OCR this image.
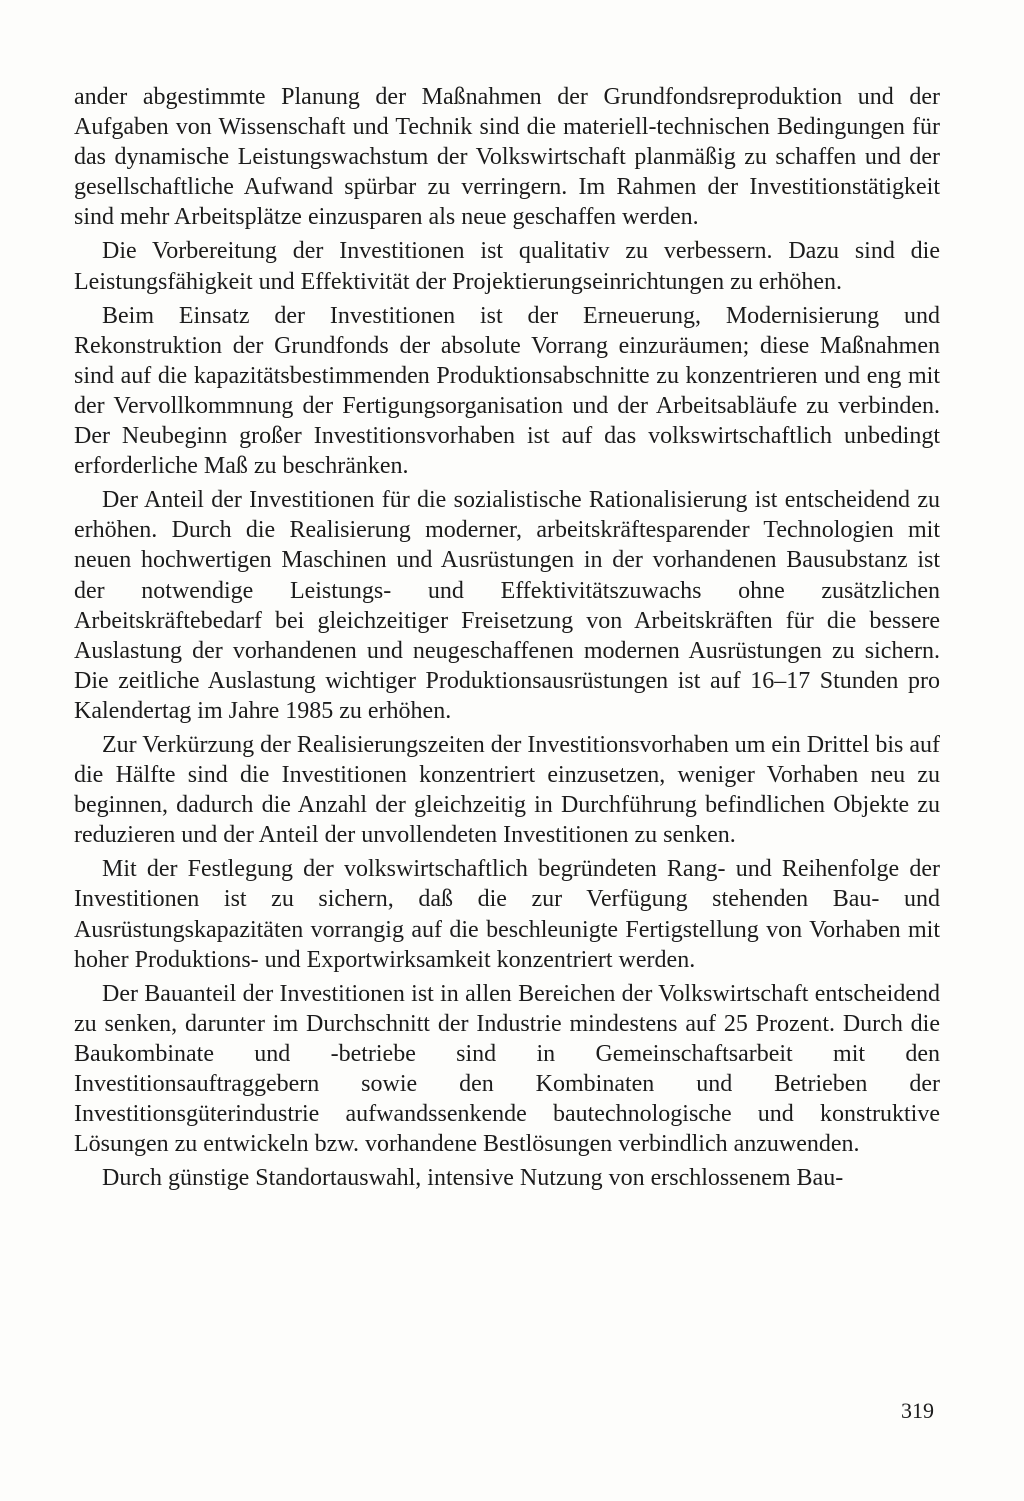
ander abgestimmte Planung der Maßnahmen der Grundfondsreproduktion und der Aufgaben von Wissenschaft und Technik sind die materiell-technischen Bedingungen für das dynamische Leistungswachstum der Volkswirtschaft planmäßig zu schaffen und der gesellschaftliche Aufwand spürbar zu verringern. Im Rahmen der Investitionstätigkeit sind mehr Arbeitsplätze einzusparen als neue geschaffen werden.

Die Vorbereitung der Investitionen ist qualitativ zu verbessern. Dazu sind die Leistungsfähigkeit und Effektivität der Projektierungseinrichtungen zu erhöhen.

Beim Einsatz der Investitionen ist der Erneuerung, Modernisierung und Rekonstruktion der Grundfonds der absolute Vorrang einzuräumen; diese Maßnahmen sind auf die kapazitätsbestimmenden Produktionsabschnitte zu konzentrieren und eng mit der Vervollkommnung der Fertigungsorganisation und der Arbeitsabläufe zu verbinden. Der Neubeginn großer Investitionsvorhaben ist auf das volkswirtschaftlich unbedingt erforderliche Maß zu beschränken.

Der Anteil der Investitionen für die sozialistische Rationalisierung ist entscheidend zu erhöhen. Durch die Realisierung moderner, arbeitskräftesparender Technologien mit neuen hochwertigen Maschinen und Ausrüstungen in der vorhandenen Bausubstanz ist der notwendige Leistungs- und Effektivitätszuwachs ohne zusätzlichen Arbeitskräftebedarf bei gleichzeitiger Freisetzung von Arbeitskräften für die bessere Auslastung der vorhandenen und neugeschaffenen modernen Ausrüstungen zu sichern. Die zeitliche Auslastung wichtiger Produktionsausrüstungen ist auf 16–17 Stunden pro Kalendertag im Jahre 1985 zu erhöhen.

Zur Verkürzung der Realisierungszeiten der Investitionsvorhaben um ein Drittel bis auf die Hälfte sind die Investitionen konzentriert einzusetzen, weniger Vorhaben neu zu beginnen, dadurch die Anzahl der gleichzeitig in Durchführung befindlichen Objekte zu reduzieren und der Anteil der unvollendeten Investitionen zu senken.

Mit der Festlegung der volkswirtschaftlich begründeten Rang- und Reihenfolge der Investitionen ist zu sichern, daß die zur Verfügung stehenden Bau- und Ausrüstungskapazitäten vorrangig auf die beschleunigte Fertigstellung von Vorhaben mit hoher Produktions- und Exportwirksamkeit konzentriert werden.

Der Bauanteil der Investitionen ist in allen Bereichen der Volkswirtschaft entscheidend zu senken, darunter im Durchschnitt der Industrie mindestens auf 25 Prozent. Durch die Baukombinate und -betriebe sind in Gemeinschaftsarbeit mit den Investitionsauftraggebern sowie den Kombinaten und Betrieben der Investitionsgüterindustrie aufwandssenkende bautechnologische und konstruktive Lösungen zu entwickeln bzw. vorhandene Bestlösungen verbindlich anzuwenden.

Durch günstige Standortauswahl, intensive Nutzung von erschlossenem Bau-

319
